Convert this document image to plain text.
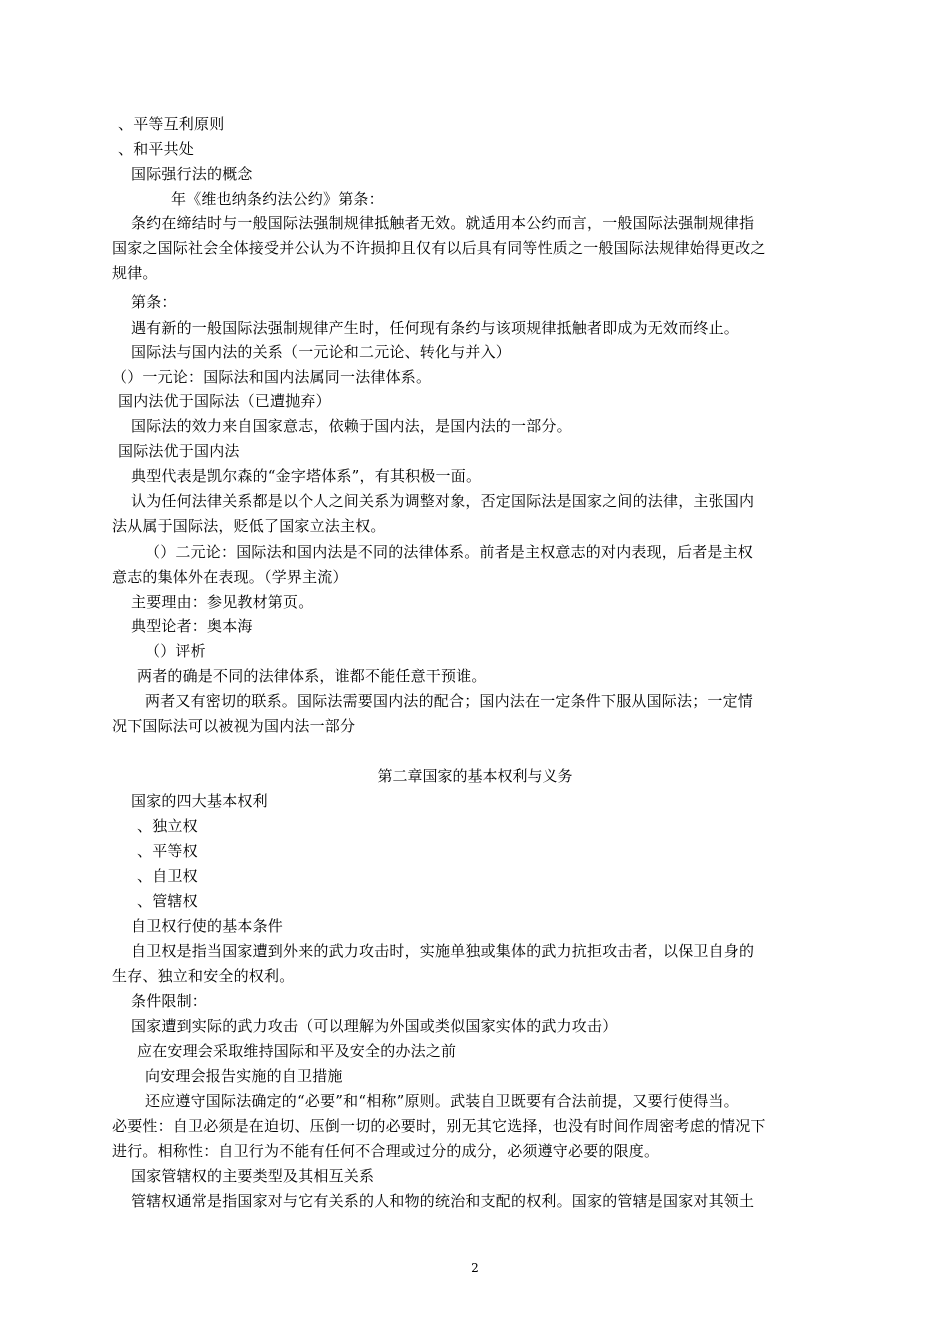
、平等互利原则
、和平共处
国际强行法的概念
年《维也纳条约法公约》第条：
条约在缔结时与一般国际法强制规律抵触者无效。就适用本公约而言，一般国际法强制规律指
国家之国际社会全体接受并公认为不许损抑且仅有以后具有同等性质之一般国际法规律始得更改之
规律。
第条：
遇有新的一般国际法强制规律产生时，任何现有条约与该项规律抵触者即成为无效而终止。
国际法与国内法的关系（一元论和二元论、转化与并入）
（）一元论：国际法和国内法属同一法律体系。
国内法优于国际法（已遭抛弃）
国际法的效力来自国家意志，依赖于国内法，是国内法的一部分。
国际法优于国内法
典型代表是凯尔森的“金字塔体系”，有其积极一面。
认为任何法律关系都是以个人之间关系为调整对象，否定国际法是国家之间的法律，主张国内
法从属于国际法，贬低了国家立法主权。
（）二元论：国际法和国内法是不同的法律体系。前者是主权意志的对内表现，后者是主权
意志的集体外在表现。（学界主流）
主要理由：参见教材第页。
典型论者：奥本海
（）评析
两者的确是不同的法律体系，谁都不能任意干预谁。
两者又有密切的联系。国际法需要国内法的配合；国内法在一定条件下服从国际法；一定情
况下国际法可以被视为国内法一部分
第二章国家的基本权利与义务
国家的四大基本权利
、独立权
、平等权
、自卫权
、管辖权
自卫权行使的基本条件
自卫权是指当国家遭到外来的武力攻击时，实施单独或集体的武力抗拒攻击者，以保卫自身的
生存、独立和安全的权利。
条件限制：
国家遭到实际的武力攻击（可以理解为外国或类似国家实体的武力攻击）
应在安理会采取维持国际和平及安全的办法之前
向安理会报告实施的自卫措施
还应遵守国际法确定的“必要”和“相称”原则。武装自卫既要有合法前提，又要行使得当。
必要性：自卫必须是在迫切、压倒一切的必要时，别无其它选择，也没有时间作周密考虑的情况下
进行。相称性：自卫行为不能有任何不合理或过分的成分，必须遵守必要的限度。
国家管辖权的主要类型及其相互关系
管辖权通常是指国家对与它有关系的人和物的统治和支配的权利。国家的管辖是国家对其领土
2
